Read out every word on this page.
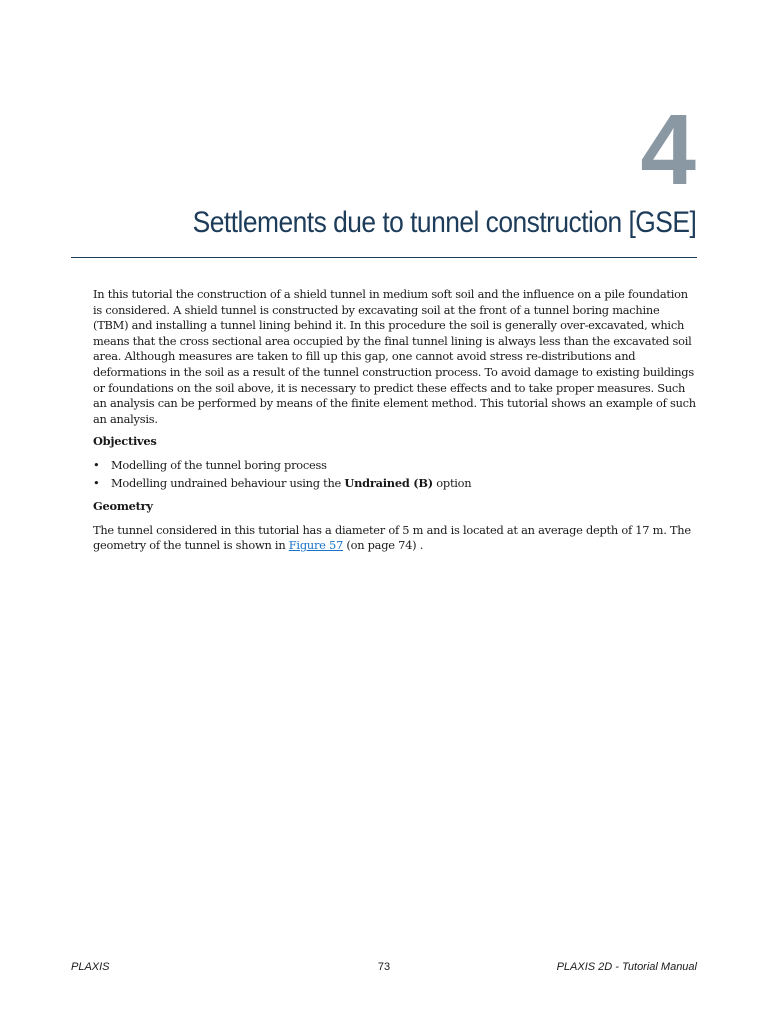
4
Settlements due to tunnel construction [GSE]

In this tutorial the construction of a shield tunnel in medium soft soil and the influence on a pile foundation is considered. A shield tunnel is constructed by excavating soil at the front of a tunnel boring machine (TBM) and installing a tunnel lining behind it. In this procedure the soil is generally over-excavated, which means that the cross sectional area occupied by the final tunnel lining is always less than the excavated soil area. Although measures are taken to fill up this gap, one cannot avoid stress re-distributions and deformations in the soil as a result of the tunnel construction process. To avoid damage to existing buildings or foundations on the soil above, it is necessary to predict these effects and to take proper measures. Such an analysis can be performed by means of the finite element method. This tutorial shows an example of such an analysis.

Objectives

• Modelling of the tunnel boring process
• Modelling undrained behaviour using the Undrained (B) option

Geometry

The tunnel considered in this tutorial has a diameter of 5 m and is located at an average depth of 17 m. The geometry of the tunnel is shown in Figure 57 (on page 74) .

PLAXIS	73	PLAXIS 2D - Tutorial Manual
